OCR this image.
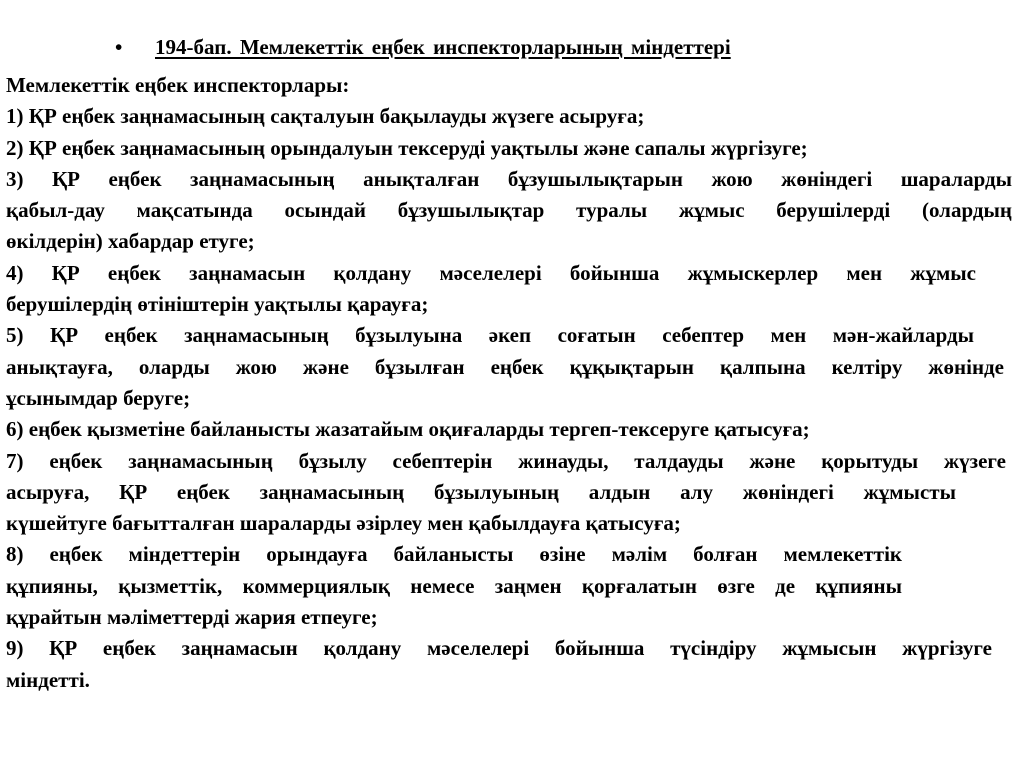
• 194-бап. Мемлекеттік еңбек инспекторларының міндеттері
Мемлекеттік еңбек инспекторлары:
1) ҚР еңбек заңнамасының сақталуын бақылауды жүзеге асыруға;
2) ҚР еңбек заңнамасының орындалуын тексеруді уақтылы және сапалы жүргізуге;
3) ҚР еңбек заңнамасының анықталған бұзушылықтарын жою жөніндегі шараларды
қабыл-дау мақсатында осындай бұзушылықтар туралы жұмыс берушілерді (олардың
өкілдерін) хабардар етуге;
4) ҚР еңбек заңнамасын қолдану мәселелері бойынша жұмыскерлер мен жұмыс
берушілердің өтініштерін уақтылы қарауға;
5) ҚР еңбек заңнамасының бұзылуына әкеп соғатын себептер мен мән-жайларды
анықтауға, оларды жою және бұзылған еңбек құқықтарын қалпына келтіру жөнінде
ұсынымдар беруге;
6) еңбек қызметіне байланысты жазатайым оқиғаларды тергеп-тексеруге қатысуға;
7) еңбек заңнамасының бұзылу себептерін жинауды, талдауды және қорытуды жүзеге
асыруға, ҚР еңбек заңнамасының бұзылуының алдын алу жөніндегі жұмысты
күшейтуге бағытталған шараларды әзірлеу мен қабылдауға қатысуға;
8) еңбек міндеттерін орындауға байланысты өзіне мәлім болған мемлекеттік
құпияны, қызметтік, коммерциялық немесе заңмен қорғалатын өзге де құпияны
құрайтын мәліметтерді жария етпеуге;
9) ҚР еңбек заңнамасын қолдану мәселелері бойынша түсіндіру жұмысын жүргізуге
міндетті.
